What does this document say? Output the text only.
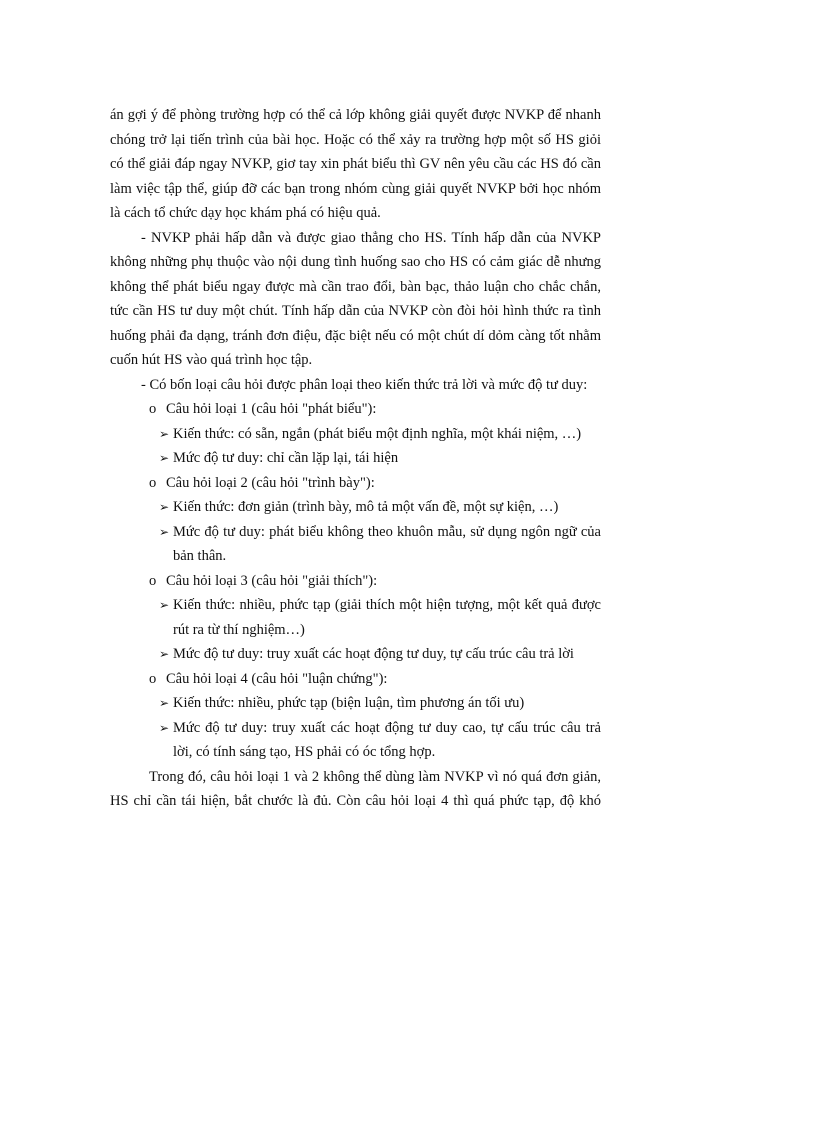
án gợi ý để phòng trường hợp có thể cả lớp không giải quyết được NVKP để nhanh
chóng trở lại tiến trình của bài học. Hoặc có thể xảy ra trường hợp một số HS giỏi
có thể giải đáp ngay NVKP, giơ tay xin phát biểu thì GV nên yêu cầu các HS đó cần
làm việc tập thể, giúp đỡ các bạn trong nhóm cùng giải quyết NVKP bởi học nhóm
là cách tổ chức dạy học khám phá có hiệu quả.
- NVKP phải hấp dẫn và được giao thẳng cho HS. Tính hấp dẫn của NVKP
không những phụ thuộc vào nội dung tình huống sao cho HS có cảm giác dễ nhưng
không thể phát biểu ngay được mà cần trao đổi, bàn bạc, thảo luận cho chắc chắn,
tức cần HS tư duy một chút. Tính hấp dẫn của NVKP còn đòi hỏi hình thức ra tình
huống phải đa dạng, tránh đơn điệu, đặc biệt nếu có một chút dí dỏm càng tốt nhằm
cuốn hút HS vào quá trình học tập.
- Có bốn loại câu hỏi được phân loại theo kiến thức trả lời và mức độ tư duy:
o Câu hỏi loại 1 (câu hỏi "phát biểu"):
➢ Kiến thức: có sẵn, ngắn (phát biểu một định nghĩa, một khái niệm, …)
➢ Mức độ tư duy: chỉ cần lặp lại, tái hiện
o Câu hỏi loại 2 (câu hỏi "trình bày"):
➢ Kiến thức: đơn giản (trình bày, mô tả một vấn đề, một sự kiện, …)
➢ Mức độ tư duy: phát biểu không theo khuôn mẫu, sử dụng ngôn ngữ của
bản thân.
o Câu hỏi loại 3 (câu hỏi "giải thích"):
➢ Kiến thức: nhiều, phức tạp (giải thích một hiện tượng, một kết quả được
rút ra từ thí nghiệm…)
➢ Mức độ tư duy: truy xuất các hoạt động tư duy, tự cấu trúc câu trả lời
o Câu hỏi loại 4 (câu hỏi "luận chứng"):
➢ Kiến thức: nhiều, phức tạp (biện luận, tìm phương án tối ưu)
➢ Mức độ tư duy: truy xuất các hoạt động tư duy cao, tự cấu trúc câu trả
lời, có tính sáng tạo, HS phải có óc tổng hợp.
Trong đó, câu hỏi loại 1 và 2 không thể dùng làm NVKP vì nó quá đơn giản,
HS chỉ cần tái hiện, bắt chước là đủ. Còn câu hỏi loại 4 thì quá phức tạp, độ khó
